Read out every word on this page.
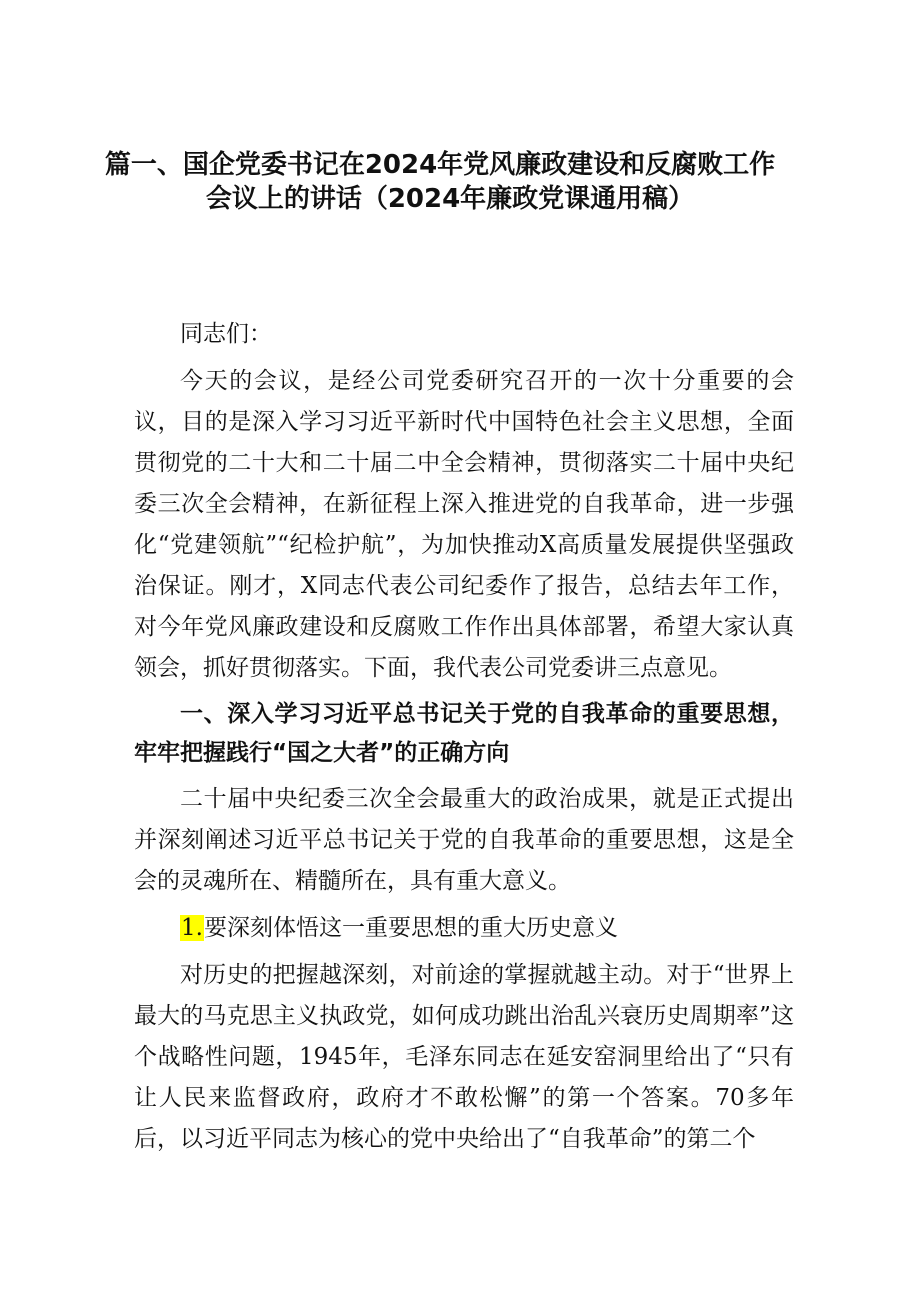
篇一、国企党委书记在2024年党风廉政建设和反腐败工作
会议上的讲话（2024年廉政党课通用稿）

同志们：

今天的会议，是经公司党委研究召开的一次十分重要的会议，目的是深入学习习近平新时代中国特色社会主义思想，全面贯彻党的二十大和二十届二中全会精神，贯彻落实二十届中央纪委三次全会精神，在新征程上深入推进党的自我革命，进一步强化“党建领航”“纪检护航”，为加快推动X高质量发展提供坚强政治保证。刚才，X同志代表公司纪委作了报告，总结去年工作，对今年党风廉政建设和反腐败工作作出具体部署，希望大家认真领会，抓好贯彻落实。下面，我代表公司党委讲三点意见。

一、深入学习习近平总书记关于党的自我革命的重要思想，牢牢把握践行“国之大者”的正确方向

二十届中央纪委三次全会最重大的政治成果，就是正式提出并深刻阐述习近平总书记关于党的自我革命的重要思想，这是全会的灵魂所在、精髓所在，具有重大意义。

1.要深刻体悟这一重要思想的重大历史意义

对历史的把握越深刻，对前途的掌握就越主动。对于“世界上最大的马克思主义执政党，如何成功跳出治乱兴衰历史周期率”这个战略性问题，1945年，毛泽东同志在延安窑洞里给出了“只有让人民来监督政府，政府才不敢松懈”的第一个答案。70多年后，以习近平同志为核心的党中央给出了“自我革命”的第二个
